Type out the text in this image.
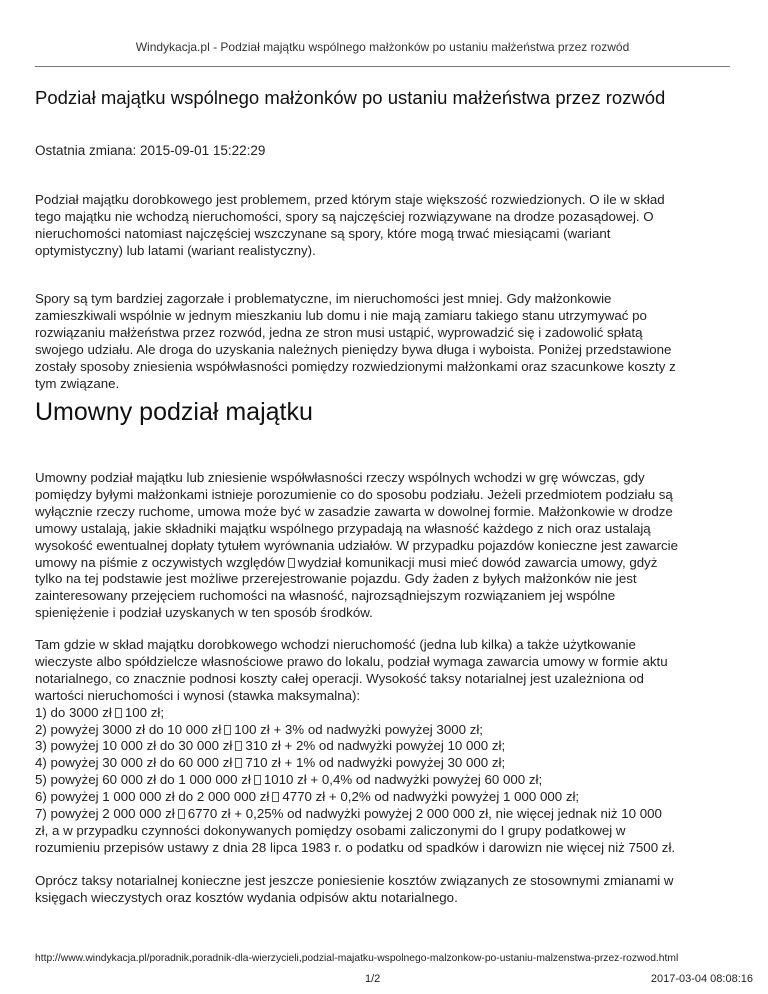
Windykacja.pl - Podział majątku wspólnego małżonków po ustaniu małżeństwa przez rozwód
Podział majątku wspólnego małżonków po ustaniu małżeństwa przez rozwód
Ostatnia zmiana: 2015-09-01 15:22:29

Podział majątku dorobkowego jest problemem, przed którym staje większość rozwiedzionych. O ile w skład
tego majątku nie wchodzą nieruchomości, spory są najczęściej rozwiązywane na drodze pozasądowej. O
nieruchomości natomiast najczęściej wszczynane są spory, które mogą trwać miesiącami (wariant
optymistyczny) lub latami (wariant realistyczny).

Spory są tym bardziej zagorzałe i problematyczne, im nieruchomości jest mniej. Gdy małżonkowie
zamieszkiwali wspólnie w jednym mieszkaniu lub domu i nie mają zamiaru takiego stanu utrzymywać po
rozwiązaniu małżeństwa przez rozwód, jedna ze stron musi ustąpić, wyprowadzić się i zadowolić spłatą
swojego udziału. Ale droga do uzyskania należnych pieniędzy bywa długa i wyboista. Poniżej przedstawione
zostały sposoby zniesienia współwłasności pomiędzy rozwiedzionymi małżonkami oraz szacunkowe koszty z
tym związane.

Umowny podział majątku

Umowny podział majątku lub zniesienie współwłasności rzeczy wspólnych wchodzi w grę wówczas, gdy
pomiędzy byłymi małżonkami istnieje porozumienie co do sposobu podziału. Jeżeli przedmiotem podziału są
wyłącznie rzeczy ruchome, umowa może być w zasadzie zawarta w dowolnej formie. Małżonkowie w drodze
umowy ustalają, jakie składniki majątku wspólnego przypadają na własność każdego z nich oraz ustalają
wysokość ewentualnej dopłaty tytułem wyrównania udziałów. W przypadku pojazdów konieczne jest zawarcie
umowy na piśmie z oczywistych względów wydział komunikacji musi mieć dowód zawarcia umowy, gdyż
tylko na tej podstawie jest możliwe przerejestrowanie pojazdu. Gdy żaden z byłych małżonków nie jest
zainteresowany przejęciem ruchomości na własność, najrozsądniejszym rozwiązaniem jej wspólne
spieniężenie i podział uzyskanych w ten sposób środków.

Tam gdzie w skład majątku dorobkowego wchodzi nieruchomość (jedna lub kilka) a także użytkowanie
wieczyste albo spółdzielcze własnościowe prawo do lokalu, podział wymaga zawarcia umowy w formie aktu
notarialnego, co znacznie podnosi koszty całej operacji. Wysokość taksy notarialnej jest uzależniona od
wartości nieruchomości i wynosi (stawka maksymalna):
1) do 3000 zł 100 zł;
2) powyżej 3000 zł do 10 000 zł 100 zł + 3% od nadwyżki powyżej 3000 zł;
3) powyżej 10 000 zł do 30 000 zł 310 zł + 2% od nadwyżki powyżej 10 000 zł;
4) powyżej 30 000 zł do 60 000 zł 710 zł + 1% od nadwyżki powyżej 30 000 zł;
5) powyżej 60 000 zł do 1 000 000 zł 1010 zł + 0,4% od nadwyżki powyżej 60 000 zł;
6) powyżej 1 000 000 zł do 2 000 000 zł 4770 zł + 0,2% od nadwyżki powyżej 1 000 000 zł;
7) powyżej 2 000 000 zł 6770 zł + 0,25% od nadwyżki powyżej 2 000 000 zł, nie więcej jednak niż 10 000
zł, a w przypadku czynności dokonywanych pomiędzy osobami zaliczonymi do I grupy podatkowej w
rozumieniu przepisów ustawy z dnia 28 lipca 1983 r. o podatku od spadków i darowizn nie więcej niż 7500 zł.

Oprócz taksy notarialnej konieczne jest jeszcze poniesienie kosztów związanych ze stosownymi zmianami w
księgach wieczystych oraz kosztów wydania odpisów aktu notarialnego.

http://www.windykacja.pl/poradnik,poradnik-dla-wierzycieli,podzial-majatku-wspolnego-malzonkow-po-ustaniu-malzenstwa-przez-rozwod.html
1/2	2017-03-04 08:08:16
